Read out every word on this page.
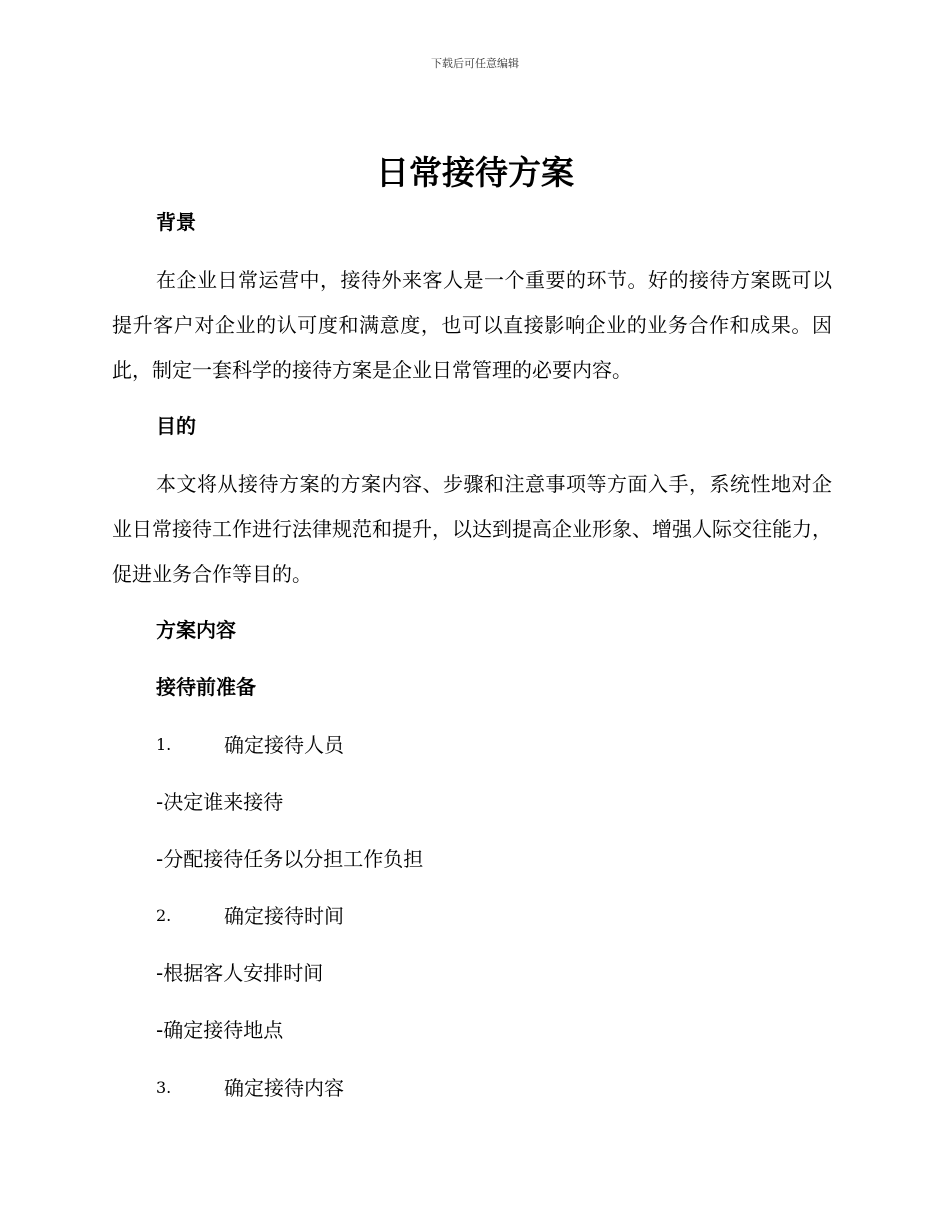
下载后可任意编辑
日常接待方案
背景

在企业日常运营中，接待外来客人是一个重要的环节。好的接待方案既可以提升客户对企业的认可度和满意度，也可以直接影响企业的业务合作和成果。因此，制定一套科学的接待方案是企业日常管理的必要内容。

目的

本文将从接待方案的方案内容、步骤和注意事项等方面入手，系统性地对企业日常接待工作进行法律规范和提升，以达到提高企业形象、增强人际交往能力，促进业务合作等目的。

方案内容
接待前准备
1.	确定接待人员
‑决定谁来接待
‑分配接待任务以分担工作负担
2.	确定接待时间
‑根据客人安排时间
‑确定接待地点
3.	确定接待内容
